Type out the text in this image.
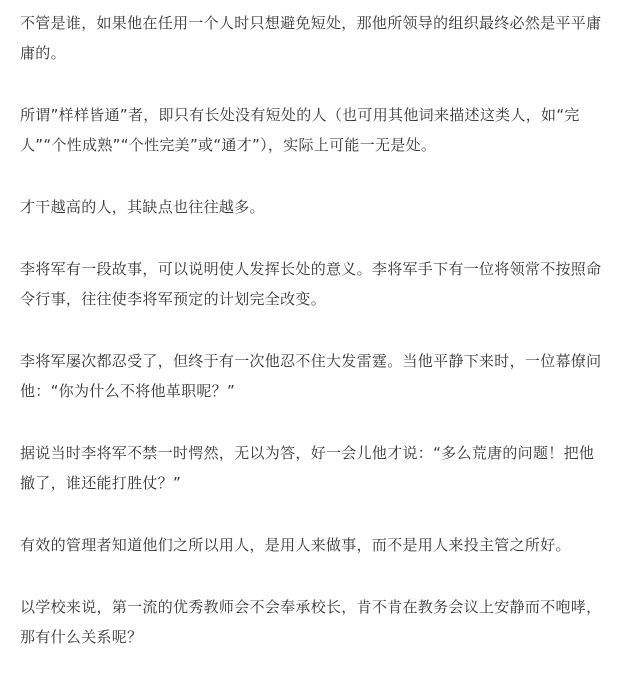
不管是谁，如果他在任用一个人时只想避免短处，那他所领导的组织最终必然是平平庸庸的。

所谓”样样皆通”者，即只有长处没有短处的人（也可用其他词来描述这类人，如“完人”“个性成熟”“个性完美”或“通才”），实际上可能一无是处。

才干越高的人，其缺点也往往越多。

李将军有一段故事，可以说明使人发挥长处的意义。李将军手下有一位将领常不按照命令行事，往往使李将军预定的计划完全改变。

李将军屡次都忍受了，但终于有一次他忍不住大发雷霆。当他平静下来时，一位幕僚问他：“你为什么不将他革职呢？”

据说当时李将军不禁一时愕然，无以为答，好一会儿他才说：“多么荒唐的问题！把他撤了，谁还能打胜仗？”

有效的管理者知道他们之所以用人，是用人来做事，而不是用人来投主管之所好。

以学校来说，第一流的优秀教师会不会奉承校长，肯不肯在教务会议上安静而不咆哮，那有什么关系呢？
